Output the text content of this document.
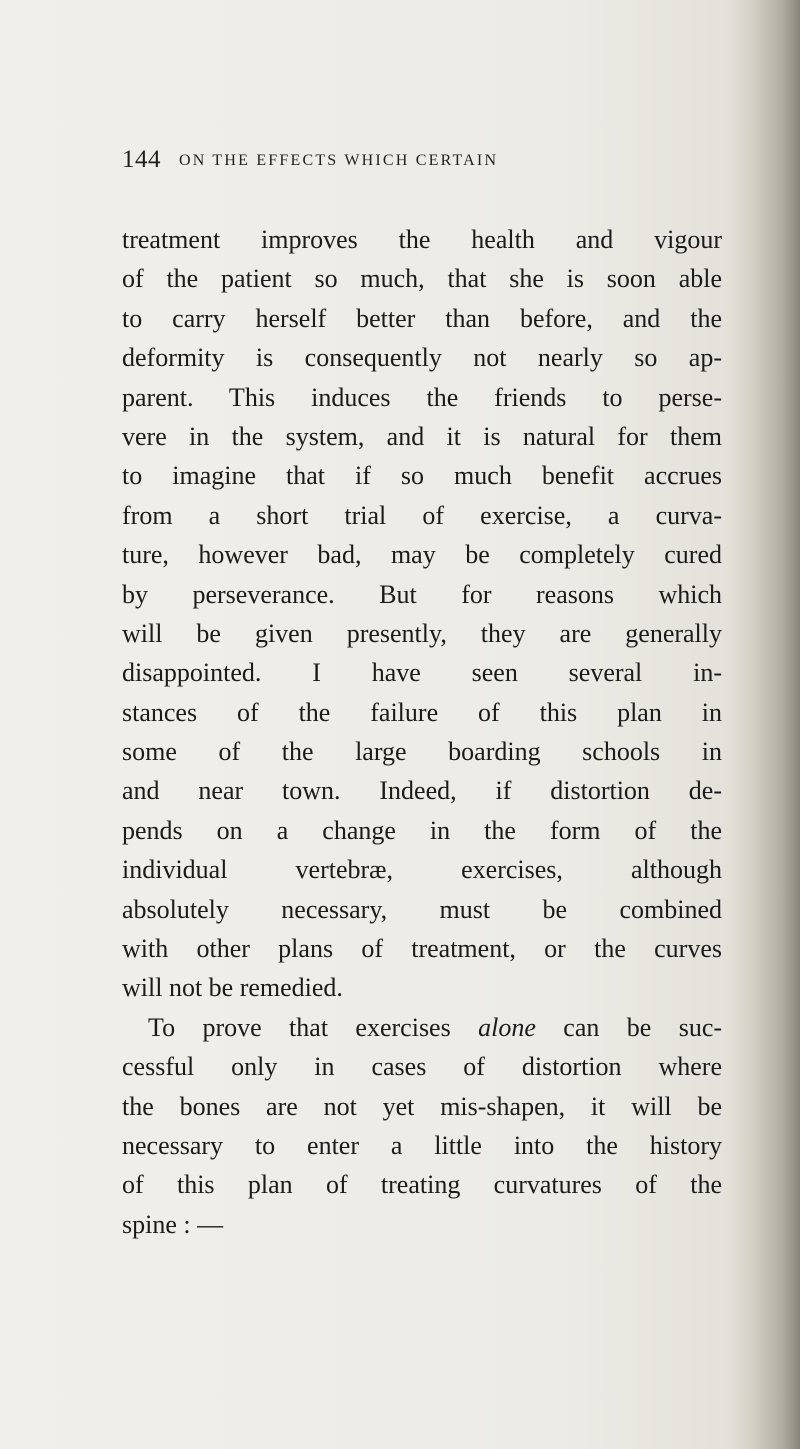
144 ON THE EFFECTS WHICH CERTAIN
treatment improves the health and vigour
of the patient so much, that she is soon able
to carry herself better than before, and the
deformity is consequently not nearly so ap-
parent. This induces the friends to perse-
vere in the system, and it is natural for them
to imagine that if so much benefit accrues
from a short trial of exercise, a curva-
ture, however bad, may be completely cured
by perseverance. But for reasons which
will be given presently, they are generally
disappointed. I have seen several in-
stances of the failure of this plan in
some of the large boarding schools in
and near town. Indeed, if distortion de-
pends on a change in the form of the
individual vertebræ, exercises, although
absolutely necessary, must be combined
with other plans of treatment, or the curves
will not be remedied.
To prove that exercises alone can be suc-
cessful only in cases of distortion where
the bones are not yet mis-shapen, it will be
necessary to enter a little into the history
of this plan of treating curvatures of the
spine : —
